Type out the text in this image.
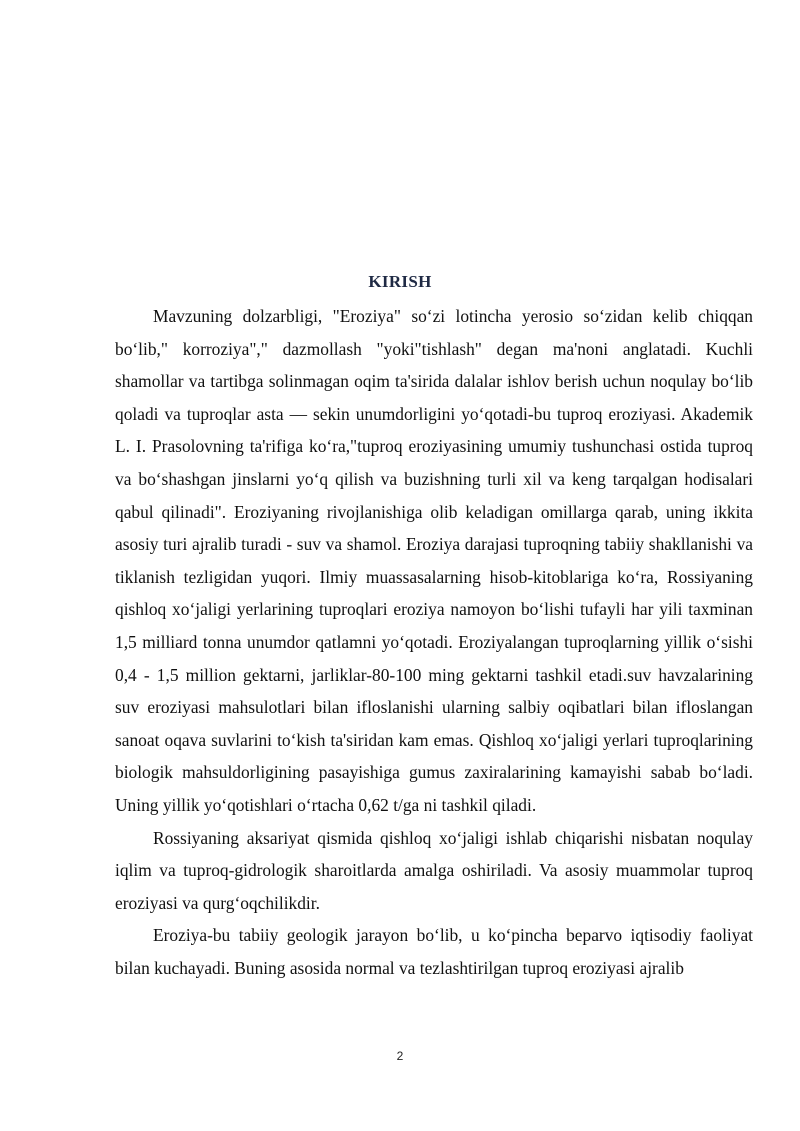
KIRISH

Mavzuning dolzarbligi, "Eroziya" so‘zi lotincha yerosio so‘zidan kelib chiqqan bo‘lib," korroziya"," dazmollash "yoki"tishlash" degan ma'noni anglatadi. Kuchli shamollar va tartibga solinmagan oqim ta'sirida dalalar ishlov berish uchun noqulay bo‘lib qoladi va tuproqlar asta — sekin unumdorligini yo‘qotadi-bu tuproq eroziyasi. Akademik L. I. Prasolovning ta'rifiga ko‘ra,"tuproq eroziyasining umumiy tushunchasi ostida tuproq va bo‘shashgan jinslarni yo‘q qilish va buzishning turli xil va keng tarqalgan hodisalari qabul qilinadi". Eroziyaning rivojlanishiga olib keladigan omillarga qarab, uning ikkita asosiy turi ajralib turadi - suv va shamol. Eroziya darajasi tuproqning tabiiy shakllanishi va tiklanish tezligidan yuqori. Ilmiy muassasalarning hisob-kitoblariga ko‘ra, Rossiyaning qishloq xo‘jaligi yerlarining tuproqlari eroziya namoyon bo‘lishi tufayli har yili taxminan 1,5 milliard tonna unumdor qatlamni yo‘qotadi. Eroziyalangan tuproqlarning yillik o‘sishi 0,4 - 1,5 million gektarni, jarliklar-80-100 ming gektarni tashkil etadi.suv havzalarining suv eroziyasi mahsulotlari bilan ifloslanishi ularning salbiy oqibatlari bilan ifloslangan sanoat oqava suvlarini to‘kish ta'siridan kam emas. Qishloq xo‘jaligi yerlari tuproqlarining biologik mahsuldorligining pasayishiga gumus zaxiralarining kamayishi sabab bo‘ladi. Uning yillik yo‘qotishlari o‘rtacha 0,62 t/ga ni tashkil qiladi.

Rossiyaning aksariyat qismida qishloq xo‘jaligi ishlab chiqarishi nisbatan noqulay iqlim va tuproq-gidrologik sharoitlarda amalga oshiriladi. Va asosiy muammolar tuproq eroziyasi va qurg‘oqchilikdir.

Eroziya-bu tabiiy geologik jarayon bo‘lib, u ko‘pincha beparvo iqtisodiy faoliyat bilan kuchayadi. Buning asosida normal va tezlashtirilgan tuproq eroziyasi ajralib

2
